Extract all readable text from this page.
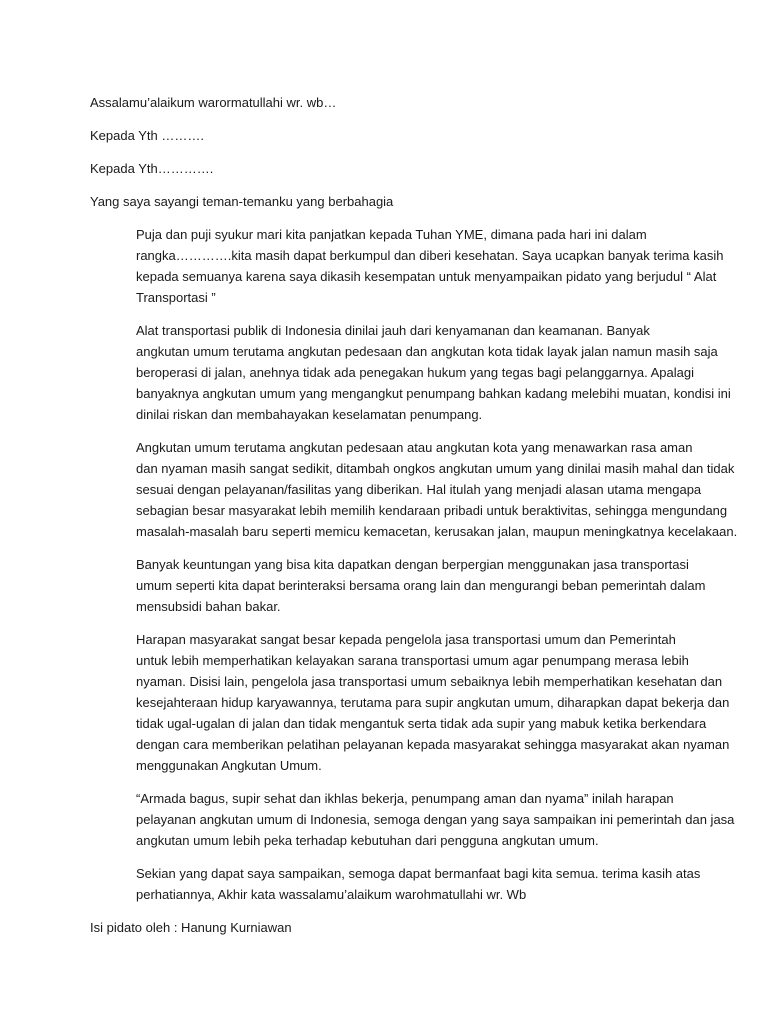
Assalamu’alaikum warormatullahi wr. wb…

Kepada Yth ……….

Kepada Yth………….

Yang saya sayangi teman-temanku yang berbahagia

Puja dan puji syukur mari kita panjatkan kepada Tuhan YME, dimana pada hari ini dalam
rangka………….kita masih dapat berkumpul dan diberi kesehatan. Saya ucapkan banyak terima kasih
kepada semuanya karena saya dikasih kesempatan untuk menyampaikan pidato yang berjudul “ Alat
Transportasi ”

Alat transportasi publik di Indonesia dinilai jauh dari kenyamanan dan keamanan. Banyak
angkutan umum terutama angkutan pedesaan dan angkutan kota tidak layak jalan namun masih saja
beroperasi di jalan, anehnya tidak ada penegakan hukum yang tegas bagi pelanggarnya. Apalagi
banyaknya angkutan umum yang mengangkut penumpang bahkan kadang melebihi muatan, kondisi ini
dinilai riskan dan membahayakan keselamatan penumpang.

Angkutan umum terutama angkutan pedesaan atau angkutan kota yang menawarkan rasa aman
dan nyaman masih sangat sedikit, ditambah ongkos angkutan umum yang dinilai masih mahal dan tidak
sesuai dengan pelayanan/fasilitas yang diberikan. Hal itulah yang menjadi alasan utama mengapa
sebagian besar masyarakat lebih memilih kendaraan pribadi untuk beraktivitas, sehingga mengundang
masalah-masalah baru seperti memicu kemacetan, kerusakan jalan, maupun meningkatnya kecelakaan.

Banyak keuntungan yang bisa kita dapatkan dengan berpergian menggunakan jasa transportasi
umum seperti kita dapat berinteraksi bersama orang lain dan mengurangi beban pemerintah dalam
mensubsidi bahan bakar.

Harapan masyarakat sangat besar kepada pengelola jasa transportasi umum dan Pemerintah
untuk lebih memperhatikan kelayakan sarana transportasi umum agar penumpang merasa lebih
nyaman. Disisi lain, pengelola jasa transportasi umum sebaiknya lebih memperhatikan kesehatan dan
kesejahteraan hidup karyawannya, terutama para supir angkutan umum, diharapkan dapat bekerja dan
tidak ugal-ugalan di jalan dan tidak mengantuk serta tidak ada supir yang mabuk ketika berkendara
dengan cara memberikan pelatihan pelayanan kepada masyarakat sehingga masyarakat akan nyaman
menggunakan Angkutan Umum.

“Armada bagus, supir sehat dan ikhlas bekerja, penumpang aman dan nyama” inilah harapan
pelayanan angkutan umum di Indonesia, semoga dengan yang saya sampaikan ini pemerintah dan jasa
angkutan umum lebih peka terhadap kebutuhan dari pengguna angkutan umum.

Sekian yang dapat saya sampaikan, semoga dapat bermanfaat bagi kita semua. terima kasih atas
perhatiannya, Akhir kata wassalamu’alaikum warohmatullahi wr. Wb

Isi pidato oleh : Hanung Kurniawan
